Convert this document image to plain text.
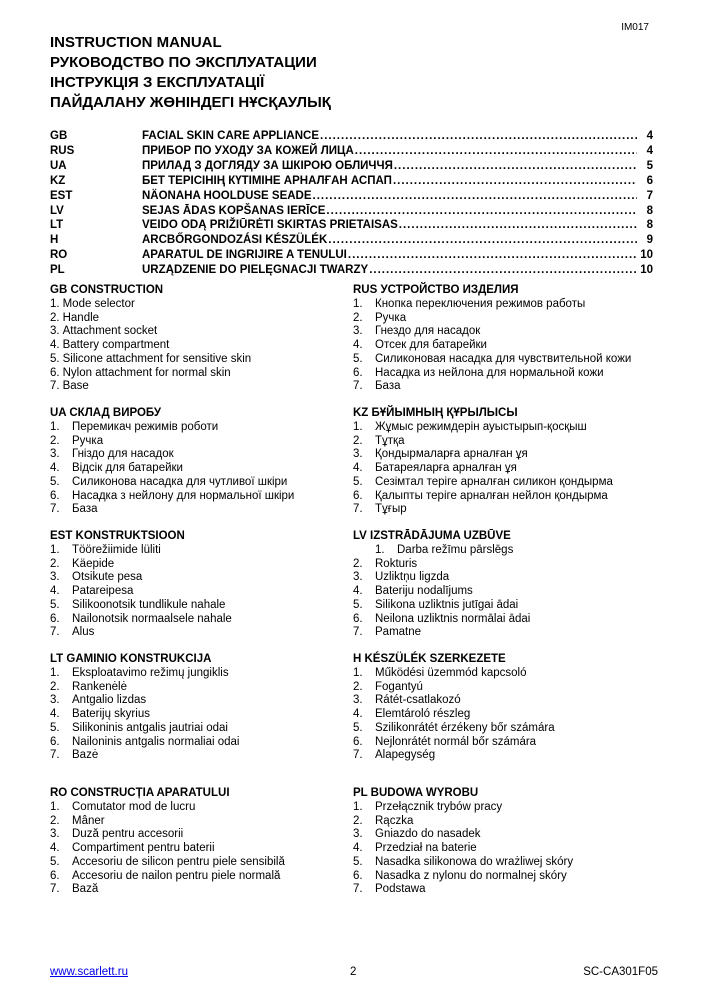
IM017
INSTRUCTION MANUAL
РУКОВОДСТВО ПО ЭКСПЛУАТАЦИИ
ІНСТРУКЦІЯ З ЕКСПЛУАТАЦІЇ
ПАЙДАЛАНУ ЖӨНІНДЕГІ НҰСҚАУЛЫҚ
GB	FACIAL SKIN CARE APPLIANCE .....	4
RUS	ПРИБОР ПО УХОДУ ЗА КОЖЕЙ ЛИЦА .....	4
UA	ПРИЛАД З ДОГЛЯДУ ЗА ШКІРОЮ ОБЛИЧЧЯ .....	5
KZ	БЕТ ТЕРІСІНІҢ КҮТІМІНЕ АРНАЛҒАН АСПАП .....	6
EST	NÄONAHA HOOLDUSE SEADE .....	7
LV	SEJAS ĀDAS KOPŠANAS IERĪCE .....	8
LT	VEIDO ODĄ PRIŽIŪRĖTI SKIRTAS PRIETAISAS .....	8
H	ARCBŐRGONDOZÁSI KÉSZÜLÉK .....	9
RO	APARATUL DE INGRIJIRE A TENULUI .....	10
PL	URZĄDZENIE DO PIELĘGNACJI TWARZY .....	10
GB CONSTRUCTION
1. Mode selector
2. Handle
3. Attachment socket
4. Battery compartment
5. Silicone attachment for sensitive skin
6. Nylon attachment for normal skin
7. Base
RUS УСТРОЙСТВО ИЗДЕЛИЯ
1.	Кнопка переключения режимов работы
2.	Ручка
3.	Гнездо для насадок
4.	Отсек для батарейки
5.	Силиконовая насадка для чувствительной кожи
6.	Насадка из нейлона для нормальной кожи
7.	База
UA СКЛАД ВИРОБУ
1.	Перемикач режимів роботи
2.	Ручка
3.	Гніздо для насадок
4.	Відсік для батарейки
5.	Силиконова насадка для чутливої шкіри
6.	Насадка з нейлону для нормальної шкіри
7.	База
KZ БҰЙЫМНЫҢ ҚҰРЫЛЫСЫ
1.	Жұмыс режимдерін ауыстырып-қосқыш
2.	Тұтқа
3.	Қондырмаларға арналған ұя
4.	Батареяларға арналған ұя
5.	Сезімтал теріге арналған силикон қондырма
6.	Қалыпты теріге арналған нейлон қондырма
7.	Тұғыр
EST KONSTRUKTSIOON
1.	Töörežiimide lüliti
2.	Käepide
3.	Otsikute pesa
4.	Patareipesa
5.	Silikoonotsik tundlikule nahale
6.	Nailonotsik normaalsele nahale
7.	Alus
LV IZSTRĀDĀJUMA UZBŪVE
1.	Darba režīmu pārslēgs
2.	Rokturis
3.	Uzliktņu ligzda
4.	Bateriju nodalījums
5.	Silikona uzliktnis jutīgai ādai
6.	Neilona uzliktnis normālai ādai
7.	Pamatne
LT GAMINIO KONSTRUKCIJA
1.	Eksploatavimo režimų jungiklis
2.	Rankenėlė
3.	Antgalio lizdas
4.	Baterijų skyrius
5.	Silikoninis antgalis jautriai odai
6.	Nailoninis antgalis normaliai odai
7.	Bazė
H KÉSZÜLÉK SZERKEZETE
1.	Működési üzemmód kapcsoló
2.	Fogantyú
3.	Rátét-csatlakozó
4.	Elemtároló részleg
5.	Szilikonrátét érzékeny bőr számára
6.	Nejlonrátét normál bőr számára
7.	Alapegység
RO CONSTRUCȚIA APARATULUI
1.	Comutator mod de lucru
2.	Mâner
3.	Duză pentru accesorii
4.	Compartiment pentru baterii
5.	Accesoriu de silicon pentru piele sensibilă
6.	Accesoriu de nailon pentru piele normală
7.	Bază
PL BUDOWA WYROBU
1.	Przełącznik trybów pracy
2.	Rączka
3.	Gniazdo do nasadek
4.	Przedział na baterie
5.	Nasadka silikonowa do wrażliwej skóry
6.	Nasadka z nylonu do normalnej skóry
7.	Podstawa
www.scarlett.ru	2	SC-CA301F05
